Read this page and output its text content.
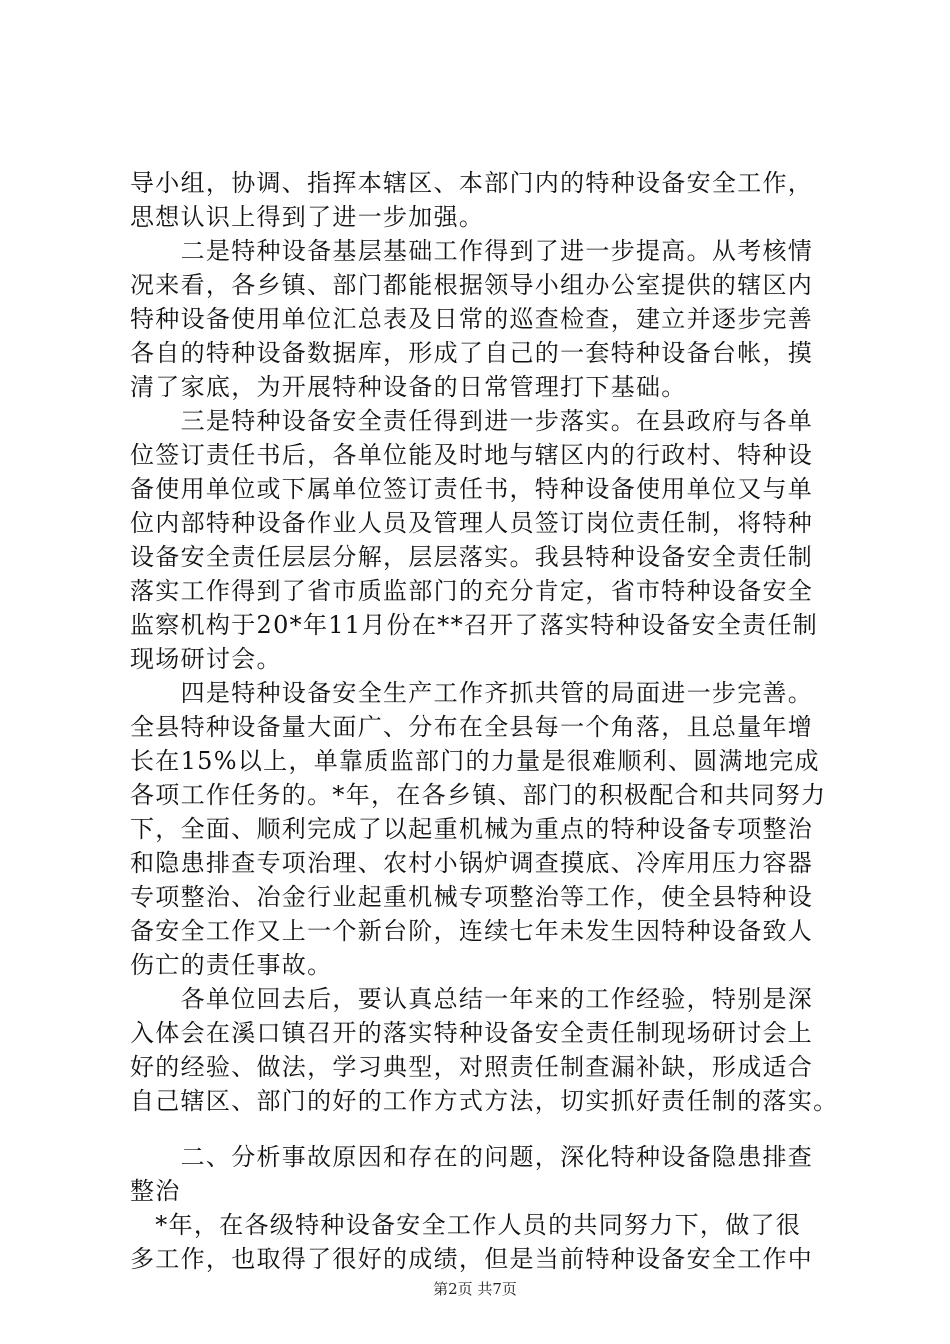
导小组，协调、指挥本辖区、本部门内的特种设备安全工作，
思想认识上得到了进一步加强。
　　二是特种设备基层基础工作得到了进一步提高。从考核情
况来看，各乡镇、部门都能根据领导小组办公室提供的辖区内
特种设备使用单位汇总表及日常的巡查检查，建立并逐步完善
各自的特种设备数据库，形成了自己的一套特种设备台帐，摸
清了家底，为开展特种设备的日常管理打下基础。
　　三是特种设备安全责任得到进一步落实。在县政府与各单
位签订责任书后，各单位能及时地与辖区内的行政村、特种设
备使用单位或下属单位签订责任书，特种设备使用单位又与单
位内部特种设备作业人员及管理人员签订岗位责任制，将特种
设备安全责任层层分解，层层落实。我县特种设备安全责任制
落实工作得到了省市质监部门的充分肯定，省市特种设备安全
监察机构于20*年11月份在**召开了落实特种设备安全责任制
现场研讨会。
　　四是特种设备安全生产工作齐抓共管的局面进一步完善。
全县特种设备量大面广、分布在全县每一个角落，且总量年增
长在15%以上，单靠质监部门的力量是很难顺利、圆满地完成
各项工作任务的。*年，在各乡镇、部门的积极配合和共同努力
下，全面、顺利完成了以起重机械为重点的特种设备专项整治
和隐患排查专项治理、农村小锅炉调查摸底、冷库用压力容器
专项整治、冶金行业起重机械专项整治等工作，使全县特种设
备安全工作又上一个新台阶，连续七年未发生因特种设备致人
伤亡的责任事故。
　　各单位回去后，要认真总结一年来的工作经验，特别是深
入体会在溪口镇召开的落实特种设备安全责任制现场研讨会上
好的经验、做法，学习典型，对照责任制查漏补缺，形成适合
自己辖区、部门的好的工作方式方法，切实抓好责任制的落实。
　　二、分析事故原因和存在的问题，深化特种设备隐患排查
整治
　*年，在各级特种设备安全工作人员的共同努力下，做了很
多工作，也取得了很好的成绩，但是当前特种设备安全工作中
第2页 共7页
